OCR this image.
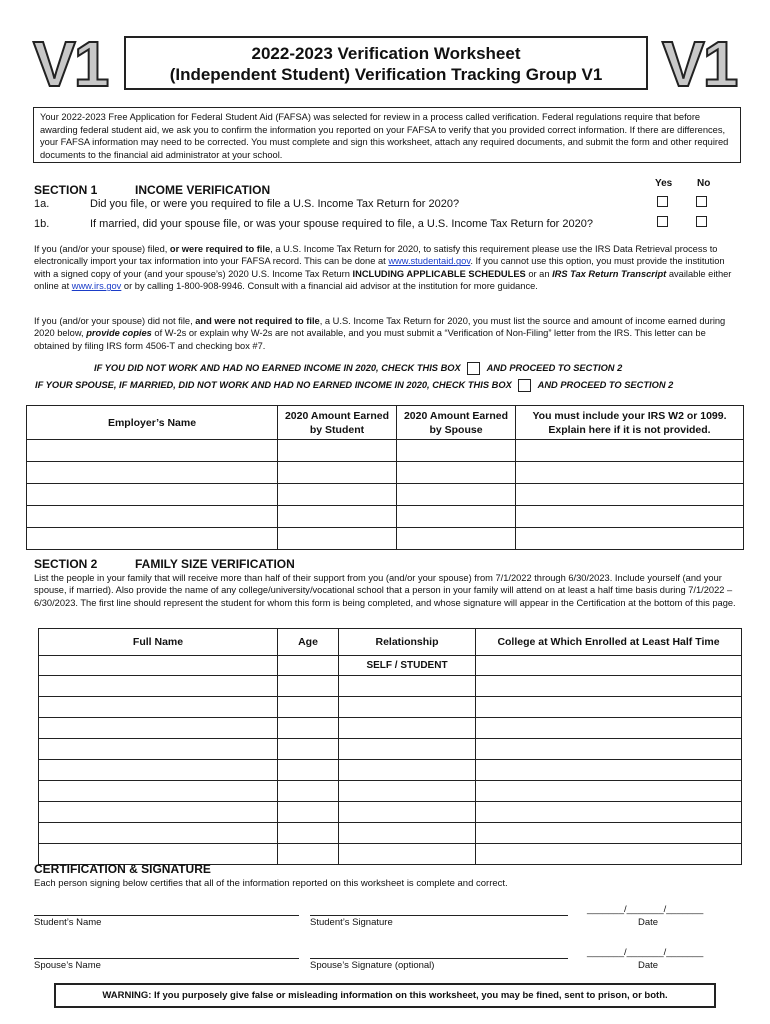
V1	2022-2023 Verification Worksheet
(Independent Student) Verification Tracking Group V1 V1
Your 2022-2023 Free Application for Federal Student Aid (FAFSA) was selected for review in a process called verification. Federal regulations require that before awarding federal student aid, we ask you to confirm the information you reported on your FAFSA to verify that you provided correct information. If there are differences, your FAFSA information may need to be corrected. You must complete and sign this worksheet, attach any required documents, and submit the form and other required documents to the financial aid administrator at your school.
SECTION 1	INCOME VERIFICATION	Yes No
1a.	Did you file, or were you required to file a U.S. Income Tax Return for 2020?
1b.	If married, did your spouse file, or was your spouse required to file, a U.S. Income Tax Return for 2020?
If you (and/or your spouse) filed, or were required to file, a U.S. Income Tax Return for 2020, to satisfy this requirement please use the IRS Data Retrieval process to electronically import your tax information into your FAFSA record. This can be done at www.studentaid.gov. If you cannot use this option, you must provide the institution with a signed copy of your (and your spouse’s) 2020 U.S. Income Tax Return INCLUDING APPLICABLE SCHEDULES or an IRS Tax Return Transcript available either online at www.irs.gov or by calling 1-800-908-9946. Consult with a financial aid advisor at the institution for more guidance.
If you (and/or your spouse) did not file, and were not required to file, a U.S. Income Tax Return for 2020, you must list the source and amount of income earned during 2020 below, provide copies of W-2s or explain why W-2s are not available, and you must submit a “Verification of Non-Filing” letter from the IRS. This letter can be obtained by filing IRS form 4506-T and checking box #7.
IF YOU DID NOT WORK AND HAD NO EARNED INCOME IN 2020, CHECK THIS BOX	AND PROCEED TO SECTION 2
IF YOUR SPOUSE, IF MARRIED, DID NOT WORK AND HAD NO EARNED INCOME IN 2020, CHECK THIS BOX	AND PROCEED TO SECTION 2
Employer’s Name	2020 Amount Earned by Student	2020 Amount Earned by Spouse	You must include your IRS W2 or 1099. Explain here if it is not provided.

SECTION 2	FAMILY SIZE VERIFICATION
List the people in your family that will receive more than half of their support from you (and/or your spouse) from 7/1/2022 through 6/30/2023. Include yourself (and your spouse, if married). Also provide the name of any college/university/vocational school that a person in your family will attend on at least a half time basis during 7/1/2022 – 6/30/2023. The first line should represent the student for whom this form is being completed, and whose signature will appear in the Certification at the bottom of this page.
Full Name	Age	Relationship	College at Which Enrolled at Least Half Time
		SELF / STUDENT	

CERTIFICATION & SIGNATURE
Each person signing below certifies that all of the information reported on this worksheet is complete and correct.
Student’s Name	Student’s Signature
_______/_______/_______
Date
Spouse’s Name	Spouse’s Signature (optional)
_______/_______/_______
Date
WARNING: If you purposely give false or misleading information on this worksheet, you may be fined, sent to prison, or both.
